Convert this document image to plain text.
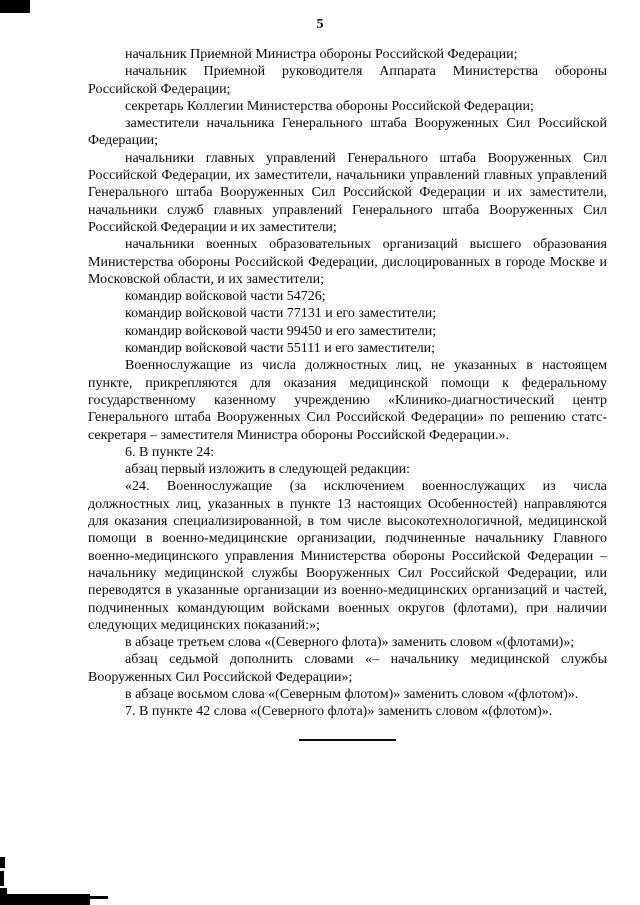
5

начальник Приемной Министра обороны Российской Федерации;

начальник Приемной руководителя Аппарата Министерства обороны Российской Федерации;

секретарь Коллегии Министерства обороны Российской Федерации;

заместители начальника Генерального штаба Вооруженных Сил Российской Федерации;

начальники главных управлений Генерального штаба Вооруженных Сил Российской Федерации, их заместители, начальники управлений главных управлений Генерального штаба Вооруженных Сил Российской Федерации и их заместители, начальники служб главных управлений Генерального штаба Вооруженных Сил Российской Федерации и их заместители;

начальники военных образовательных организаций высшего образования Министерства обороны Российской Федерации, дислоцированных в городе Москве и Московской области, и их заместители;

командир войсковой части 54726;

командир войсковой части 77131 и его заместители;

командир войсковой части 99450 и его заместители;

командир войсковой части 55111 и его заместители;

Военнослужащие из числа должностных лиц, не указанных в настоящем пункте, прикрепляются для оказания медицинской помощи к федеральному государственному казенному учреждению «Клинико-диагностический центр Генерального штаба Вооруженных Сил Российской Федерации» по решению статс-секретаря – заместителя Министра обороны Российской Федерации.».

6. В пункте 24:

абзац первый изложить в следующей редакции:

«24. Военнослужащие (за исключением военнослужащих из числа должностных лиц, указанных в пункте 13 настоящих Особенностей) направляются для оказания специализированной, в том числе высокотехнологичной, медицинской помощи в военно-медицинские организации, подчиненные начальнику Главного военно-медицинского управления Министерства обороны Российской Федерации – начальнику медицинской службы Вооруженных Сил Российской Федерации, или переводятся в указанные организации из военно-медицинских организаций и частей, подчиненных командующим войсками военных округов (флотами), при наличии следующих медицинских показаний:»;

в абзаце третьем слова «(Северного флота)» заменить словом «(флотами)»;

абзац седьмой дополнить словами «– начальнику медицинской службы Вооруженных Сил Российской Федерации»;

в абзаце восьмом слова «(Северным флотом)» заменить словом «(флотом)».

7. В пункте 42 слова «(Северного флота)» заменить словом «(флотом)».
